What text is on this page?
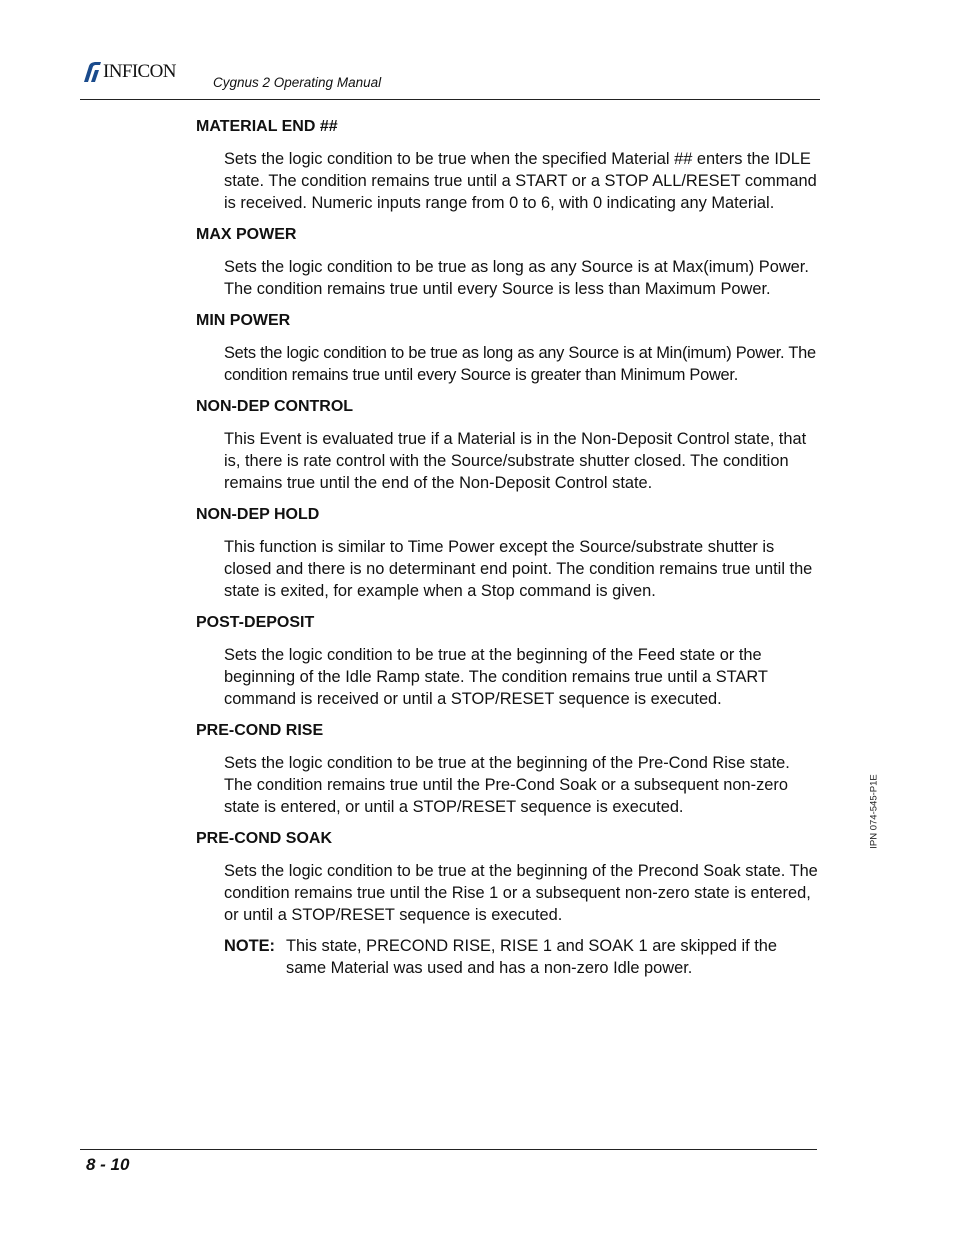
INFICON
Cygnus 2 Operating Manual

MATERIAL END ##

Sets the logic condition to be true when the specified Material ## enters the IDLE state. The condition remains true until a START or a STOP ALL/RESET command is received. Numeric inputs range from 0 to 6, with 0 indicating any Material.

MAX POWER

Sets the logic condition to be true as long as any Source is at Max(imum) Power. The condition remains true until every Source is less than Maximum Power.

MIN POWER

Sets the logic condition to be true as long as any Source is at Min(imum) Power. The condition remains true until every Source is greater than Minimum Power.

NON-DEP CONTROL

This Event is evaluated true if a Material is in the Non-Deposit Control state, that is, there is rate control with the Source/substrate shutter closed. The condition remains true until the end of the Non-Deposit Control state.

NON-DEP HOLD

This function is similar to Time Power except the Source/substrate shutter is closed and there is no determinant end point. The condition remains true until the state is exited, for example when a Stop command is given.

POST-DEPOSIT

Sets the logic condition to be true at the beginning of the Feed state or the beginning of the Idle Ramp state. The condition remains true until a START command is received or until a STOP/RESET sequence is executed.

PRE-COND RISE

Sets the logic condition to be true at the beginning of the Pre-Cond Rise state. The condition remains true until the Pre-Cond Soak or a subsequent non-zero state is entered, or until a STOP/RESET sequence is executed.

PRE-COND SOAK

Sets the logic condition to be true at the beginning of the Precond Soak state. The condition remains true until the Rise 1 or a subsequent non-zero state is entered, or until a STOP/RESET sequence is executed.

NOTE: This state, PRECOND RISE, RISE 1 and SOAK 1 are skipped if the same Material was used and has a non-zero Idle power.
IPN 074-545-P1E
8 - 10
